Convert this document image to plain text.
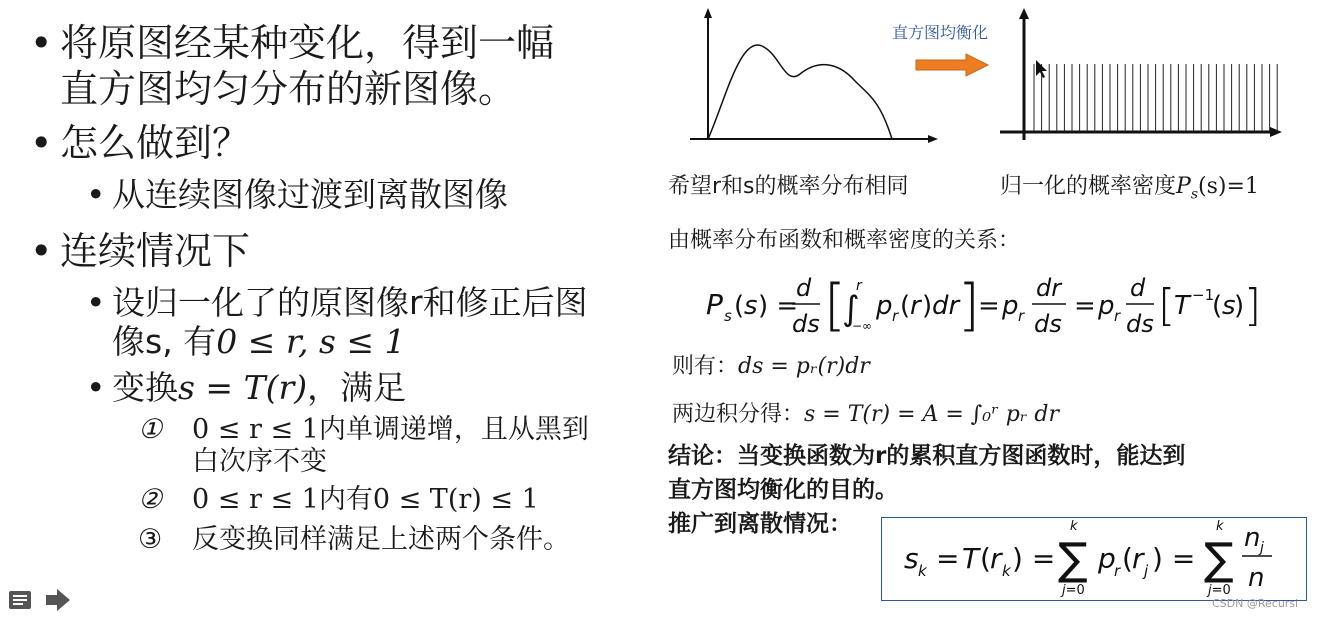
• 将原图经某种变化，得到一幅
直方图均匀分布的新图像。
• 怎么做到？
• 从连续图像过渡到离散图像
• 连续情况下
• 设归一化了的原图像r和修正后图
像s, 有0 ≤ r, s ≤ 1
• 变换s = T(r)，满足
① 0 ≤ r ≤ 1内单调递增，且从黑到
白次序不变
② 0 ≤ r ≤ 1内有0 ≤ T(r) ≤ 1
③ 反变换同样满足上述两个条件。
直方图均衡化
希望r和s的概率分布相同	归一化的概率密度$P_s(s)=1$
由概率分布函数和概率密度的关系：
P s ( s ) =
d
ds [
∫
r
−∞
p r ( r ) dr
]
= p r
dr
ds
= p r
d
ds [
T −1
( s
) ]
则有：ds = pᵣ(r)dr
两边积分得：s = T(r) = A = ∫₀ʳ pᵣ dr
结论：当变换函数为r的累积直方图函数时，能达到
直方图均衡化的目的。
推广到离散情况：
s k = T ( r k ) =
k
∑
j=0
p
r ( r j ) =
k
∑
j=0
n j
n
CSDN @Recursi
